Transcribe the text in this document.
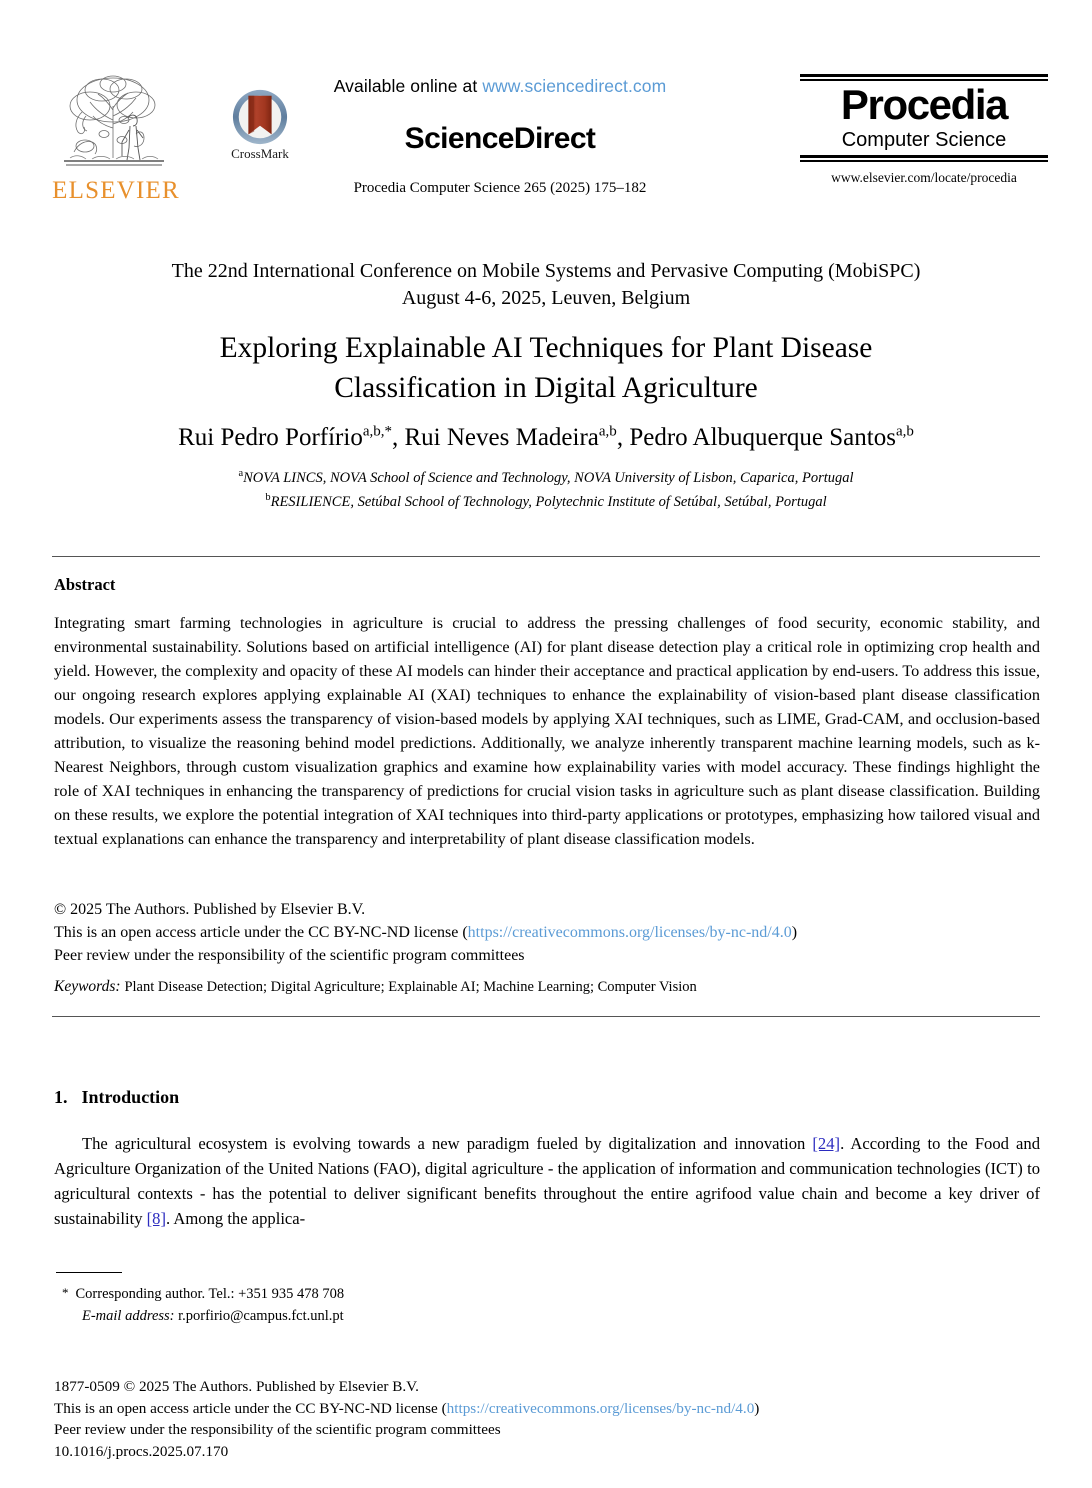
ELSEVIER
CrossMark
Available online at www.sciencedirect.com
ScienceDirect
Procedia Computer Science 265 (2025) 175–182
Procedia
Computer Science
www.elsevier.com/locate/procedia
The 22nd International Conference on Mobile Systems and Pervasive Computing (MobiSPC)
August 4-6, 2025, Leuven, Belgium
Exploring Explainable AI Techniques for Plant Disease
Classification in Digital Agriculture
Rui Pedro Porfírio$^{a,b,*}$, Rui Neves Madeira$^{a,b}$, Pedro Albuquerque Santos$^{a,b}$
$^a$NOVA LINCS, NOVA School of Science and Technology, NOVA University of Lisbon, Caparica, Portugal
$^b$RESILIENCE, Setúbal School of Technology, Polytechnic Institute of Setúbal, Setúbal, Portugal
Abstract
Integrating smart farming technologies in agriculture is crucial to address the pressing challenges of food security, economic stability, and environmental sustainability. Solutions based on artificial intelligence (AI) for plant disease detection play a critical role in optimizing crop health and yield. However, the complexity and opacity of these AI models can hinder their acceptance and practical application by end-users. To address this issue, our ongoing research explores applying explainable AI (XAI) techniques to enhance the explainability of vision-based plant disease classification models. Our experiments assess the transparency of vision-based models by applying XAI techniques, such as LIME, Grad-CAM, and occlusion-based attribution, to visualize the reasoning behind model predictions. Additionally, we analyze inherently transparent machine learning models, such as k-Nearest Neighbors, through custom visualization graphics and examine how explainability varies with model accuracy. These findings highlight the role of XAI techniques in enhancing the transparency of predictions for crucial vision tasks in agriculture such as plant disease classification. Building on these results, we explore the potential integration of XAI techniques into third-party applications or prototypes, emphasizing how tailored visual and textual explanations can enhance the transparency and interpretability of plant disease classification models.
© 2025 The Authors. Published by Elsevier B.V.
This is an open access article under the CC BY-NC-ND license (https://creativecommons.org/licenses/by-nc-nd/4.0)
Peer review under the responsibility of the scientific program committees
Keywords: Plant Disease Detection; Digital Agriculture; Explainable AI; Machine Learning; Computer Vision
1. Introduction
The agricultural ecosystem is evolving towards a new paradigm fueled by digitalization and innovation [24]. According to the Food and Agriculture Organization of the United Nations (FAO), digital agriculture - the application of information and communication technologies (ICT) to agricultural contexts - has the potential to deliver significant benefits throughout the entire agrifood value chain and become a key driver of sustainability [8]. Among the applica-
* Corresponding author. Tel.: +351 935 478 708
E-mail address: r.porfirio@campus.fct.unl.pt
1877-0509 © 2025 The Authors. Published by Elsevier B.V.
This is an open access article under the CC BY-NC-ND license (https://creativecommons.org/licenses/by-nc-nd/4.0)
Peer review under the responsibility of the scientific program committees
10.1016/j.procs.2025.07.170
